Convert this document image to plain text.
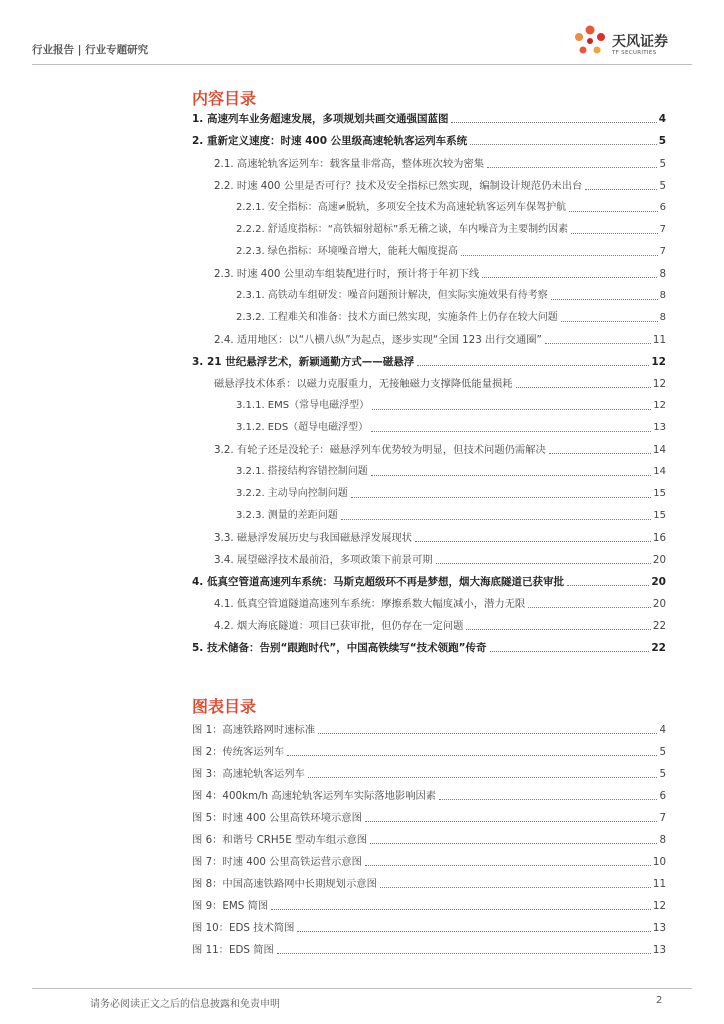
行业报告 | 行业专题研究	天风证券
TF SECURITIES
内容目录
1. 高速列车业务超速发展，多项规划共画交通强国蓝图	4
2. 重新定义速度：时速 400 公里级高速轮轨客运列车系统	5
2.1. 高速轮轨客运列车：载客量非常高，整体班次较为密集	5
2.2. 时速 400 公里是否可行？技术及安全指标已然实现，编制设计规范仍未出台	5
2.2.1. 安全指标：高速≠脱轨，多项安全技术为高速轮轨客运列车保驾护航	6
2.2.2. 舒适度指标：“高铁辐射超标”系无稽之谈，车内噪音为主要制约因素	7
2.2.3. 绿色指标：环境噪音增大，能耗大幅度提高	7
2.3. 时速 400 公里动车组装配进行时，预计将于年初下线	8
2.3.1. 高铁动车组研发：噪音问题预计解决，但实际实施效果有待考察	8
2.3.2. 工程难关和准备：技术方面已然实现，实施条件上仍存在较大问题	8
2.4. 适用地区：以“八横八纵”为起点，逐步实现“全国 123 出行交通圈”	11
3. 21 世纪悬浮艺术，新颖通勤方式——磁悬浮	12
磁悬浮技术体系：以磁力克服重力，无接触磁力支撑降低能量损耗	12
3.1.1. EMS（常导电磁浮型）	12
3.1.2. EDS（超导电磁浮型）	13
3.2. 有轮子还是没轮子：磁悬浮列车优势较为明显，但技术问题仍需解决	14
3.2.1. 搭接结构容错控制问题	14
3.2.2. 主动导向控制问题	15
3.2.3. 测量的差距问题	15
3.3. 磁悬浮发展历史与我国磁悬浮发展现状	16
3.4. 展望磁浮技术最前沿，多项政策下前景可期	20
4. 低真空管道高速列车系统：马斯克超级环不再是梦想，烟大海底隧道已获审批	20
4.1. 低真空管道隧道高速列车系统：摩擦系数大幅度减小，潜力无限	20
4.2. 烟大海底隧道：项目已获审批，但仍存在一定问题	22
5. 技术储备：告别“跟跑时代”，中国高铁续写“技术领跑”传奇	22
图表目录
图 1：高速铁路网时速标准	4
图 2：传统客运列车	5
图 3：高速轮轨客运列车	5
图 4：400km/h 高速轮轨客运列车实际落地影响因素	6
图 5：时速 400 公里高铁环境示意图	7
图 6：和谐号 CRH5E 型动车组示意图	8
图 7：时速 400 公里高铁运营示意图	10
图 8：中国高速铁路网中长期规划示意图	11
图 9：EMS 简图	12
图 10：EDS 技术简图	13
图 11：EDS 简图	13
请务必阅读正文之后的信息披露和免责申明	2
